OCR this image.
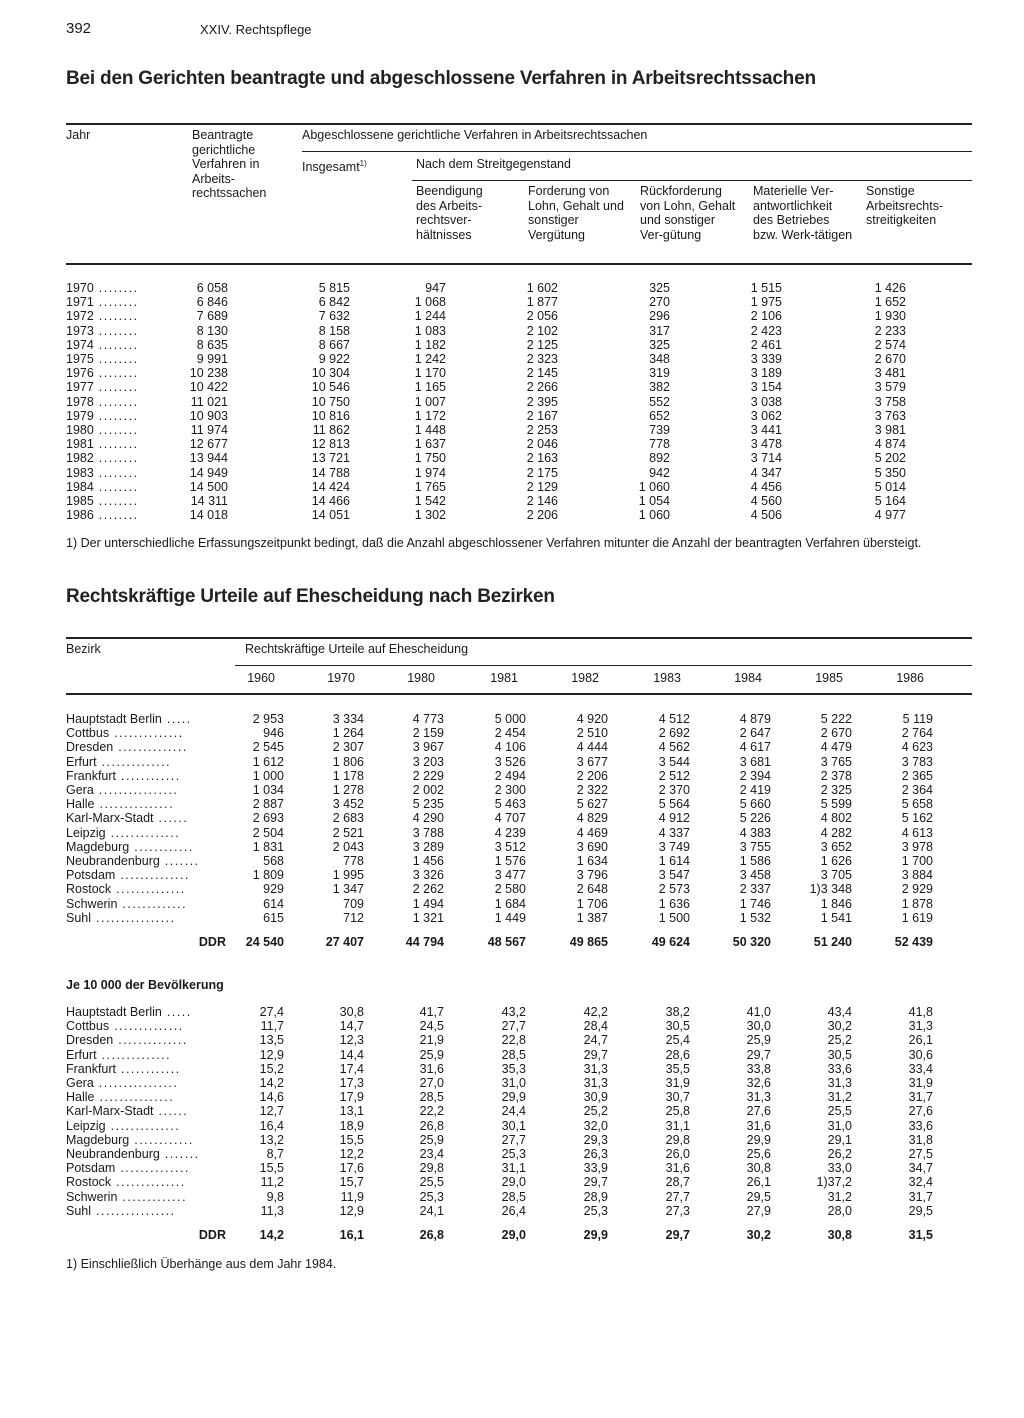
392	XXIV. Rechtspflege
Bei den Gerichten beantragte und abgeschlossene Verfahren in Arbeitsrechtssachen
Jahr	Beantragte gerichtliche Verfahren in Arbeits-rechtssachen
Abgeschlossene gerichtliche Verfahren in Arbeitsrechtssachen
Insgesamt$^{1)}$	Nach dem Streitgegenstand
Beendigung des Arbeits-rechtsver-hältnisses
Forderung von Lohn, Gehalt und sonstiger Vergütung
Rückforderung von Lohn, Gehalt und sonstiger Ver-gütung
Materielle Ver-antwortlichkeit des Betriebes bzw. Werk-tätigen
Sonstige Arbeitsrechts-streitigkeiten
1970 ........	6 058	5 815	947	1 602	325	1 515	1 426	
1971 ........	6 846	6 842	1 068	1 877	270	1 975	1 652	
1972 ........	7 689	7 632	1 244	2 056	296	2 106	1 930	
1973 ........	8 130	8 158	1 083	2 102	317	2 423	2 233	
1974 ........	8 635	8 667	1 182	2 125	325	2 461	2 574	
1975 ........	9 991	9 922	1 242	2 323	348	3 339	2 670	
1976 ........	10 238	10 304	1 170	2 145	319	3 189	3 481	
1977 ........	10 422	10 546	1 165	2 266	382	3 154	3 579	
1978 ........	11 021	10 750	1 007	2 395	552	3 038	3 758	
1979 ........	10 903	10 816	1 172	2 167	652	3 062	3 763	
1980 ........	11 974	11 862	1 448	2 253	739	3 441	3 981	
1981 ........	12 677	12 813	1 637	2 046	778	3 478	4 874	
1982 ........	13 944	13 721	1 750	2 163	892	3 714	5 202	
1983 ........	14 949	14 788	1 974	2 175	942	4 347	5 350	
1984 ........	14 500	14 424	1 765	2 129	1 060	4 456	5 014	
1985 ........	14 311	14 466	1 542	2 146	1 054	4 560	5 164	
1986 ........	14 018	14 051	1 302	2 206	1 060	4 506	4 977	
1) Der unterschiedliche Erfassungszeitpunkt bedingt, daß die Anzahl abgeschlossener Verfahren mitunter die Anzahl der beantragten Verfahren übersteigt.
Rechtskräftige Urteile auf Ehescheidung nach Bezirken
Bezirk	Rechtskräftige Urteile auf Ehescheidung
1960	1970	1980	1981	1982	1983	1984	1985	1986
Hauptstadt Berlin .....	2 953	3 334	4 773	5 000	4 920	4 512	4 879	5 222	5 119	
Cottbus ..............	946	1 264	2 159	2 454	2 510	2 692	2 647	2 670	2 764	
Dresden ..............	2 545	2 307	3 967	4 106	4 444	4 562	4 617	4 479	4 623	
Erfurt ..............	1 612	1 806	3 203	3 526	3 677	3 544	3 681	3 765	3 783	
Frankfurt ............	1 000	1 178	2 229	2 494	2 206	2 512	2 394	2 378	2 365	
Gera ................	1 034	1 278	2 002	2 300	2 322	2 370	2 419	2 325	2 364	
Halle ...............	2 887	3 452	5 235	5 463	5 627	5 564	5 660	5 599	5 658	
Karl-Marx-Stadt ......	2 693	2 683	4 290	4 707	4 829	4 912	5 226	4 802	5 162	
Leipzig ..............	2 504	2 521	3 788	4 239	4 469	4 337	4 383	4 282	4 613	
Magdeburg ............	1 831	2 043	3 289	3 512	3 690	3 749	3 755	3 652	3 978	
Neubrandenburg .......	568	778	1 456	1 576	1 634	1 614	1 586	1 626	1 700	
Potsdam ..............	1 809	1 995	3 326	3 477	3 796	3 547	3 458	3 705	3 884	
Rostock ..............	929	1 347	2 262	2 580	2 648	2 573	2 337	1)3 348	2 929	
Schwerin .............	614	709	1 494	1 684	1 706	1 636	1 746	1 846	1 878	
Suhl ................	615	712	1 321	1 449	1 387	1 500	1 532	1 541	1 619	

DDR	24 540	27 407	44 794	48 567	49 865	49 624	50 320	51 240	52 439	
Je 10 000 der Bevölkerung
Hauptstadt Berlin .....	27,4	30,8	41,7	43,2	42,2	38,2	41,0	43,4	41,8	
Cottbus ..............	11,7	14,7	24,5	27,7	28,4	30,5	30,0	30,2	31,3	
Dresden ..............	13,5	12,3	21,9	22,8	24,7	25,4	25,9	25,2	26,1	
Erfurt ..............	12,9	14,4	25,9	28,5	29,7	28,6	29,7	30,5	30,6	
Frankfurt ............	15,2	17,4	31,6	35,3	31,3	35,5	33,8	33,6	33,4	
Gera ................	14,2	17,3	27,0	31,0	31,3	31,9	32,6	31,3	31,9	
Halle ...............	14,6	17,9	28,5	29,9	30,9	30,7	31,3	31,2	31,7	
Karl-Marx-Stadt ......	12,7	13,1	22,2	24,4	25,2	25,8	27,6	25,5	27,6	
Leipzig ..............	16,4	18,9	26,8	30,1	32,0	31,1	31,6	31,0	33,6	
Magdeburg ............	13,2	15,5	25,9	27,7	29,3	29,8	29,9	29,1	31,8	
Neubrandenburg .......	8,7	12,2	23,4	25,3	26,3	26,0	25,6	26,2	27,5	
Potsdam ..............	15,5	17,6	29,8	31,1	33,9	31,6	30,8	33,0	34,7	
Rostock ..............	11,2	15,7	25,5	29,0	29,7	28,7	26,1	1)37,2	32,4	
Schwerin .............	9,8	11,9	25,3	28,5	28,9	27,7	29,5	31,2	31,7	
Suhl ................	11,3	12,9	24,1	26,4	25,3	27,3	27,9	28,0	29,5	

DDR	14,2	16,1	26,8	29,0	29,9	29,7	30,2	30,8	31,5	
1) Einschließlich Überhänge aus dem Jahr 1984.
